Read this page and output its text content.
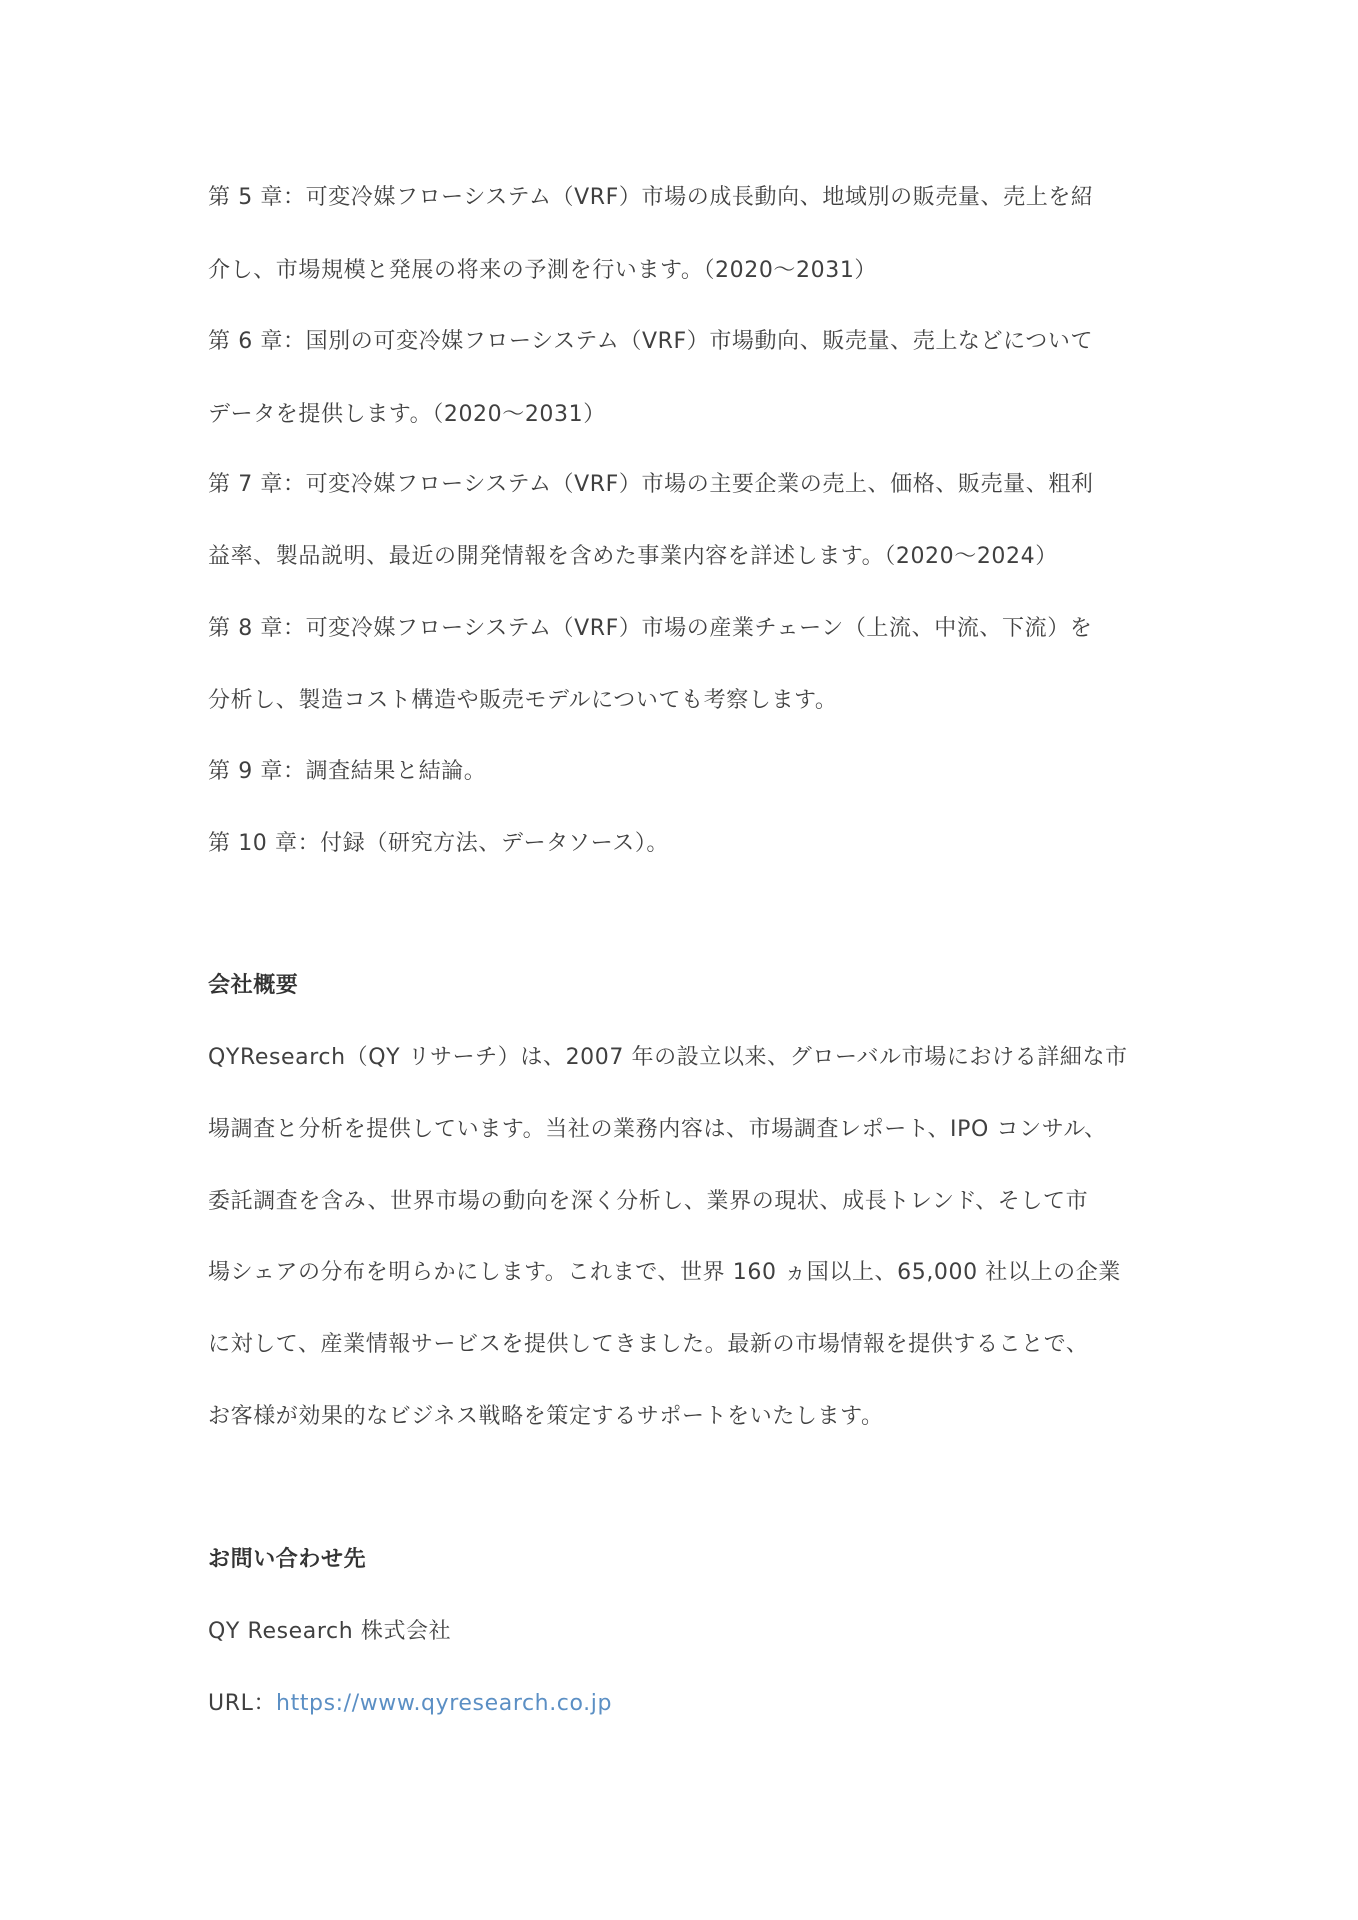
第 5 章：可変冷媒フローシステム（VRF）市場の成長動向、地域別の販売量、売上を紹
介し、市場規模と発展の将来の予測を行います。（2020～2031）
第 6 章：国別の可変冷媒フローシステム（VRF）市場動向、販売量、売上などについて
データを提供します。（2020～2031）
第 7 章：可変冷媒フローシステム（VRF）市場の主要企業の売上、価格、販売量、粗利
益率、製品説明、最近の開発情報を含めた事業内容を詳述します。（2020～2024）
第 8 章：可変冷媒フローシステム（VRF）市場の産業チェーン（上流、中流、下流）を
分析し、製造コスト構造や販売モデルについても考察します。
第 9 章：調査結果と結論。
第 10 章：付録（研究方法、データソース）。
会社概要
QYResearch（QY リサーチ）は、2007 年の設立以来、グローバル市場における詳細な市
場調査と分析を提供しています。当社の業務内容は、市場調査レポート、IPO コンサル、
委託調査を含み、世界市場の動向を深く分析し、業界の現状、成長トレンド、そして市
場シェアの分布を明らかにします。これまで、世界 160 ヵ国以上、65,000 社以上の企業
に対して、産業情報サービスを提供してきました。最新の市場情報を提供することで、
お客様が効果的なビジネス戦略を策定するサポートをいたします。
お問い合わせ先
QY Research 株式会社
URL：https://www.qyresearch.co.jp
